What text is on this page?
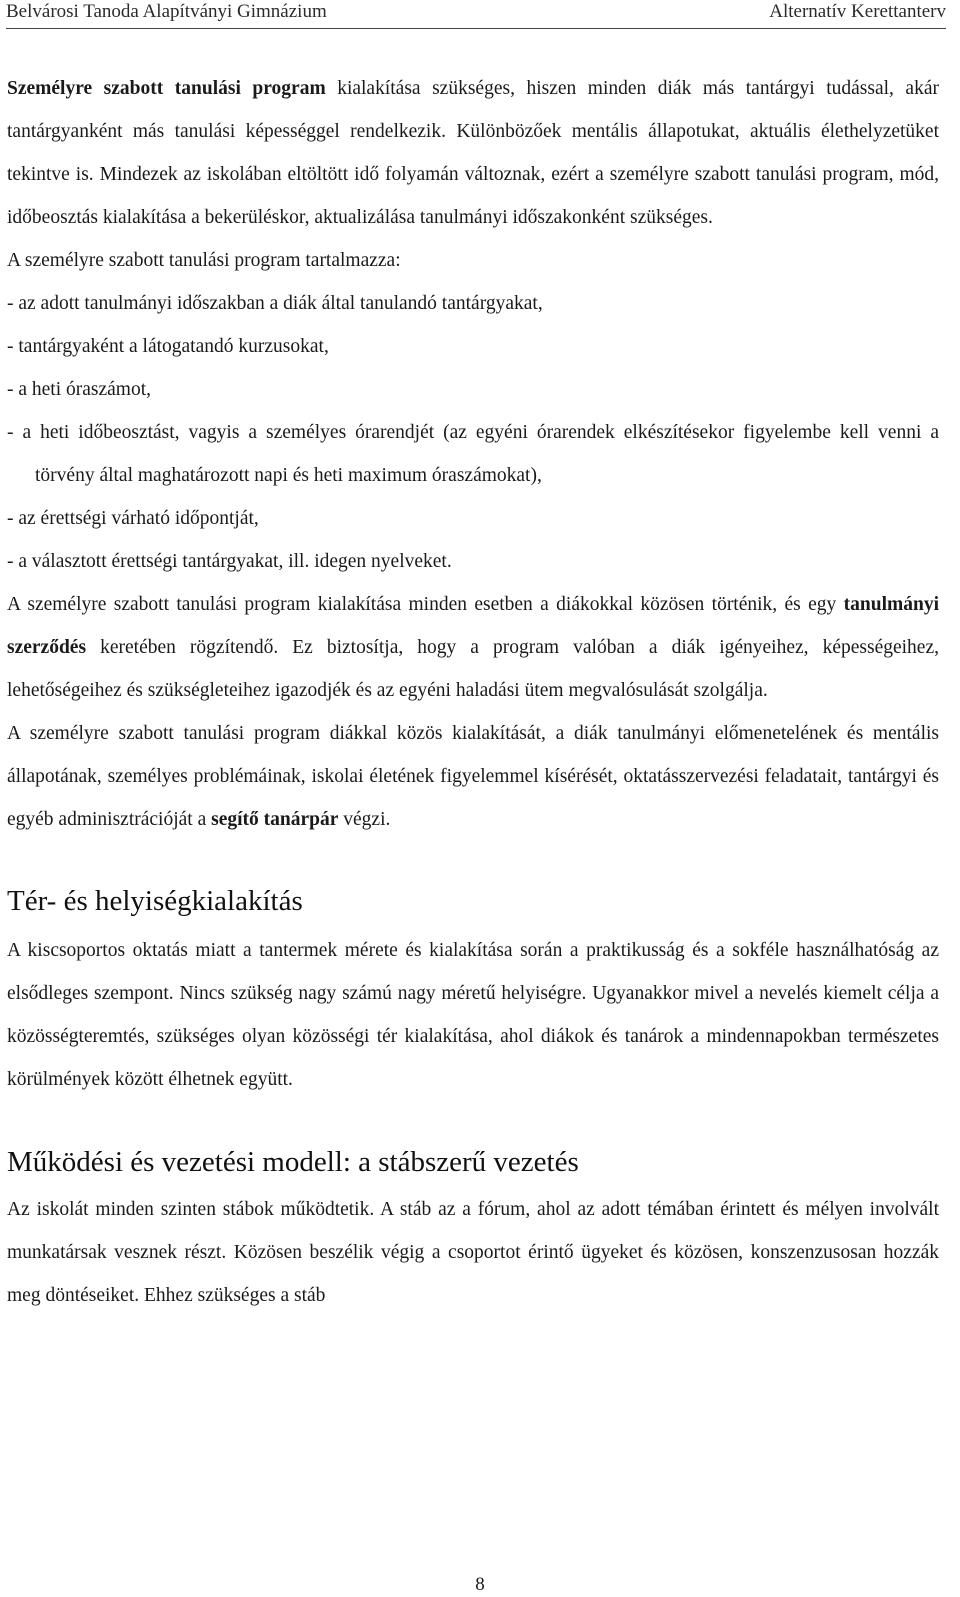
Belvárosi Tanoda Alapítványi Gimnázium	Alternatív Kerettanterv

Személyre szabott tanulási program kialakítása szükséges, hiszen minden diák más tantárgyi tudással, akár tantárgyanként más tanulási képességgel rendelkezik. Különbözőek mentális állapotukat, aktuális élethelyzetüket tekintve is. Mindezek az iskolában eltöltött idő folyamán változnak, ezért a személyre szabott tanulási program, mód, időbeosztás kialakítása a bekerüléskor, aktualizálása tanulmányi időszakonként szükséges.

A személyre szabott tanulási program tartalmazza:

- az adott tanulmányi időszakban a diák által tanulandó tantárgyakat,

- tantárgyaként a látogatandó kurzusokat,

- a heti óraszámot,

- a heti időbeosztást, vagyis a személyes órarendjét (az egyéni órarendek elkészítésekor figyelembe kell venni a törvény által maghatározott napi és heti maximum óraszámokat),

- az érettségi várható időpontját,

- a választott érettségi tantárgyakat, ill. idegen nyelveket.

A személyre szabott tanulási program kialakítása minden esetben a diákokkal közösen történik, és egy tanulmányi szerződés keretében rögzítendő. Ez biztosítja, hogy a program valóban a diák igényeihez, képességeihez, lehetőségeihez és szükségleteihez igazodjék és az egyéni haladási ütem megvalósulását szolgálja.

A személyre szabott tanulási program diákkal közös kialakítását, a diák tanulmányi előmenetelének és mentális állapotának, személyes problémáinak, iskolai életének figyelemmel kísérését, oktatásszervezési feladatait, tantárgyi és egyéb adminisztrációját a segítő tanárpár végzi.

Tér- és helyiségkialakítás

A kiscsoportos oktatás miatt a tantermek mérete és kialakítása során a praktikusság és a sokféle használhatóság az elsődleges szempont. Nincs szükség nagy számú nagy méretű helyiségre. Ugyanakkor mivel a nevelés kiemelt célja a közösségteremtés, szükséges olyan közösségi tér kialakítása, ahol diákok és tanárok a mindennapokban természetes körülmények között élhetnek együtt.

Működési és vezetési modell: a stábszerű vezetés

Az iskolát minden szinten stábok működtetik. A stáb az a fórum, ahol az adott témában érintett és mélyen involvált munkatársak vesznek részt. Közösen beszélik végig a csoportot érintő ügyeket és közösen, konszenzusosan hozzák meg döntéseiket. Ehhez szükséges a stáb

8
